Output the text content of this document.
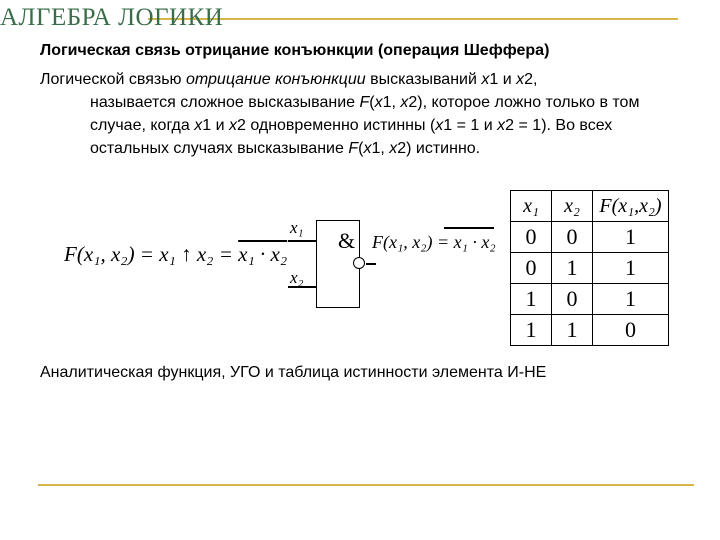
АЛГЕБРА ЛОГИКИ
Логическая связь отрицание конъюнкции (операция Шеффера)
Логической связью отрицание конъюнкции высказываний x1 и x2,
называется сложное высказывание F(x1, x2), которое ложно только в том случае, когда x1 и x2 одновременно истинны (x1 = 1 и x2 = 1). Во всех остальных случаях высказывание F(x1, x2) истинно.
F(x₁, x₂) = x₁ ↑ x₂ = x₁ · x₂
&
x₁
x₂
F(x₁, x₂) = x₁ · x₂
x₁	x₂	F(x₁,x₂)
0	0	1
0	1	1
1	0	1
1	1	0
Аналитическая функция, УГО и таблица истинности элемента И-НЕ
